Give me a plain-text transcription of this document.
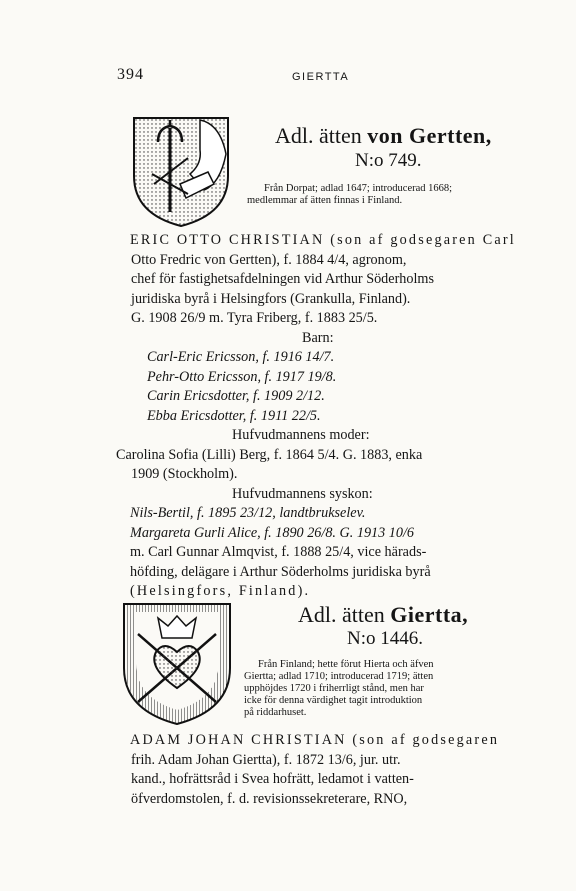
394	GIERTTA
Adl. ätten von Gertten,
N:o 749.
Från Dorpat; adlad 1647; introducerad 1668;
medlemmar af ätten finnas i Finland.
ERIC OTTO CHRISTIAN (son af godsegaren Carl
Otto Fredric von Gertten), f. 1884 4/4, agronom,
chef för fastighetsafdelningen vid Arthur Söderholms
juridiska byrå i Helsingfors (Grankulla, Finland).
G. 1908 26/9 m. Tyra Friberg, f. 1883 25/5.
Barn:
Carl-Eric Ericsson, f. 1916 14/7.
Pehr-Otto Ericsson, f. 1917 19/8.
Carin Ericsdotter, f. 1909 2/12.
Ebba Ericsdotter, f. 1911 22/5.
Hufvudmannens moder:
Carolina Sofia (Lilli) Berg, f. 1864 5/4. G. 1883, enka
1909 (Stockholm).
Hufvudmannens syskon:
Nils-Bertil, f. 1895 23/12, landtbrukselev.
Margareta Gurli Alice, f. 1890 26/8. G. 1913 10/6
m. Carl Gunnar Almqvist, f. 1888 25/4, vice härads-
höfding, delägare i Arthur Söderholms juridiska byrå
(Helsingfors, Finland).
Adl. ätten Giertta,
N:o 1446.
Från Finland; hette förut Hierta och äfven
Giertta; adlad 1710; introducerad 1719; ätten
upphöjdes 1720 i friherrligt stånd, men har
icke för denna värdighet tagit introduktion
på riddarhuset.
ADAM JOHAN CHRISTIAN (son af godsegaren
frih. Adam Johan Giertta), f. 1872 13/6, jur. utr.
kand., hofrättsråd i Svea hofrätt, ledamot i vatten-
öfverdomstolen, f. d. revisionssekreterare, RNO,
